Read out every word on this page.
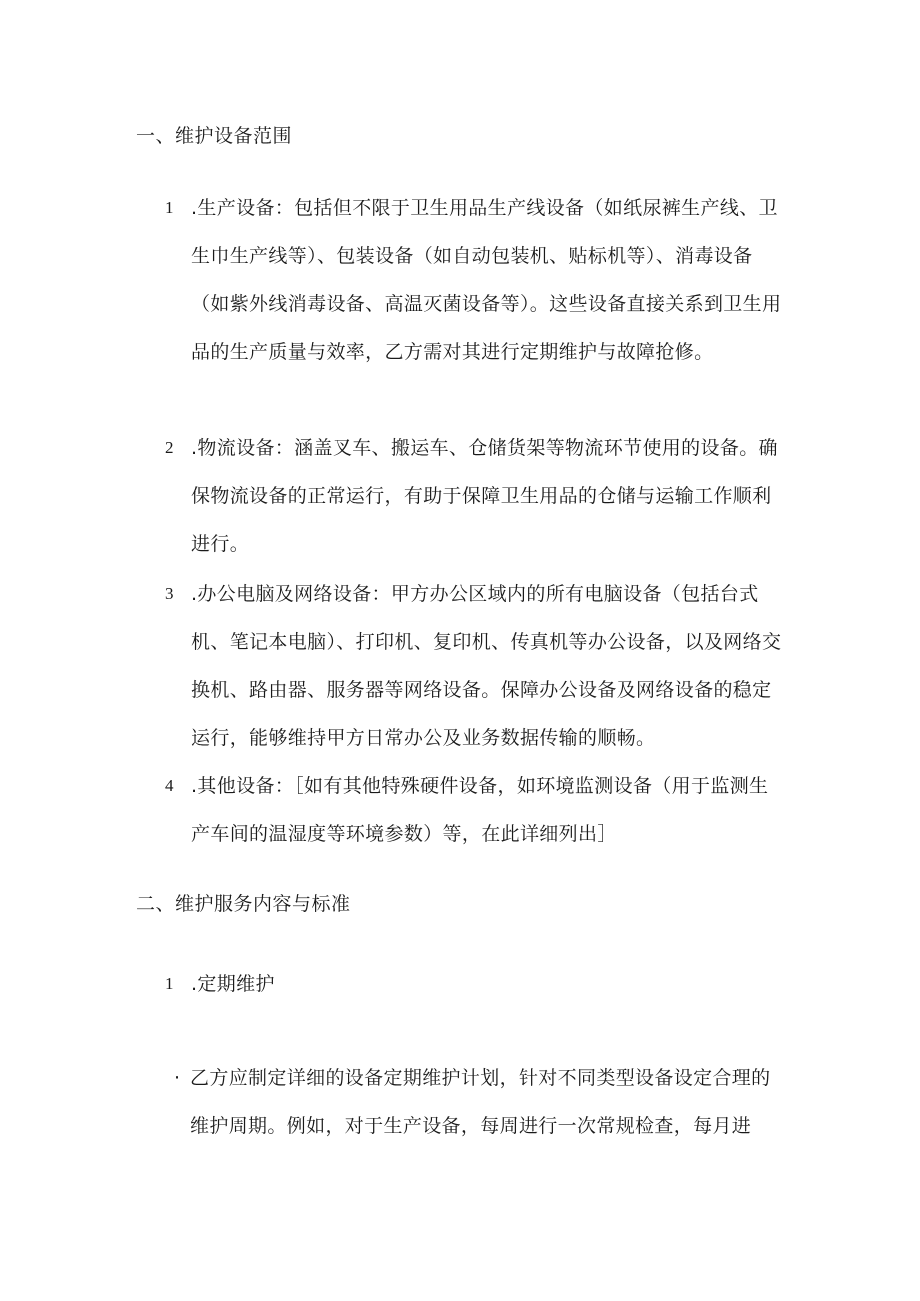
一、维护设备范围
1 .生产设备：包括但不限于卫生用品生产线设备（如纸尿裤生产线、卫生巾生产线等）、包装设备（如自动包装机、贴标机等）、消毒设备（如紫外线消毒设备、高温灭菌设备等）。这些设备直接关系到卫生用品的生产质量与效率，乙方需对其进行定期维护与故障抢修。
2 .物流设备：涵盖叉车、搬运车、仓储货架等物流环节使用的设备。确保物流设备的正常运行，有助于保障卫生用品的仓储与运输工作顺利进行。
3 .办公电脑及网络设备：甲方办公区域内的所有电脑设备（包括台式机、笔记本电脑）、打印机、复印机、传真机等办公设备，以及网络交换机、路由器、服务器等网络设备。保障办公设备及网络设备的稳定运行，能够维持甲方日常办公及业务数据传输的顺畅。
4 .其他设备：［如有其他特殊硬件设备，如环境监测设备（用于监测生产车间的温湿度等环境参数）等，在此详细列出］
二、维护服务内容与标准
1 .定期维护
· 乙方应制定详细的设备定期维护计划，针对不同类型设备设定合理的维护周期。例如，对于生产设备，每周进行一次常规检查，每月进
